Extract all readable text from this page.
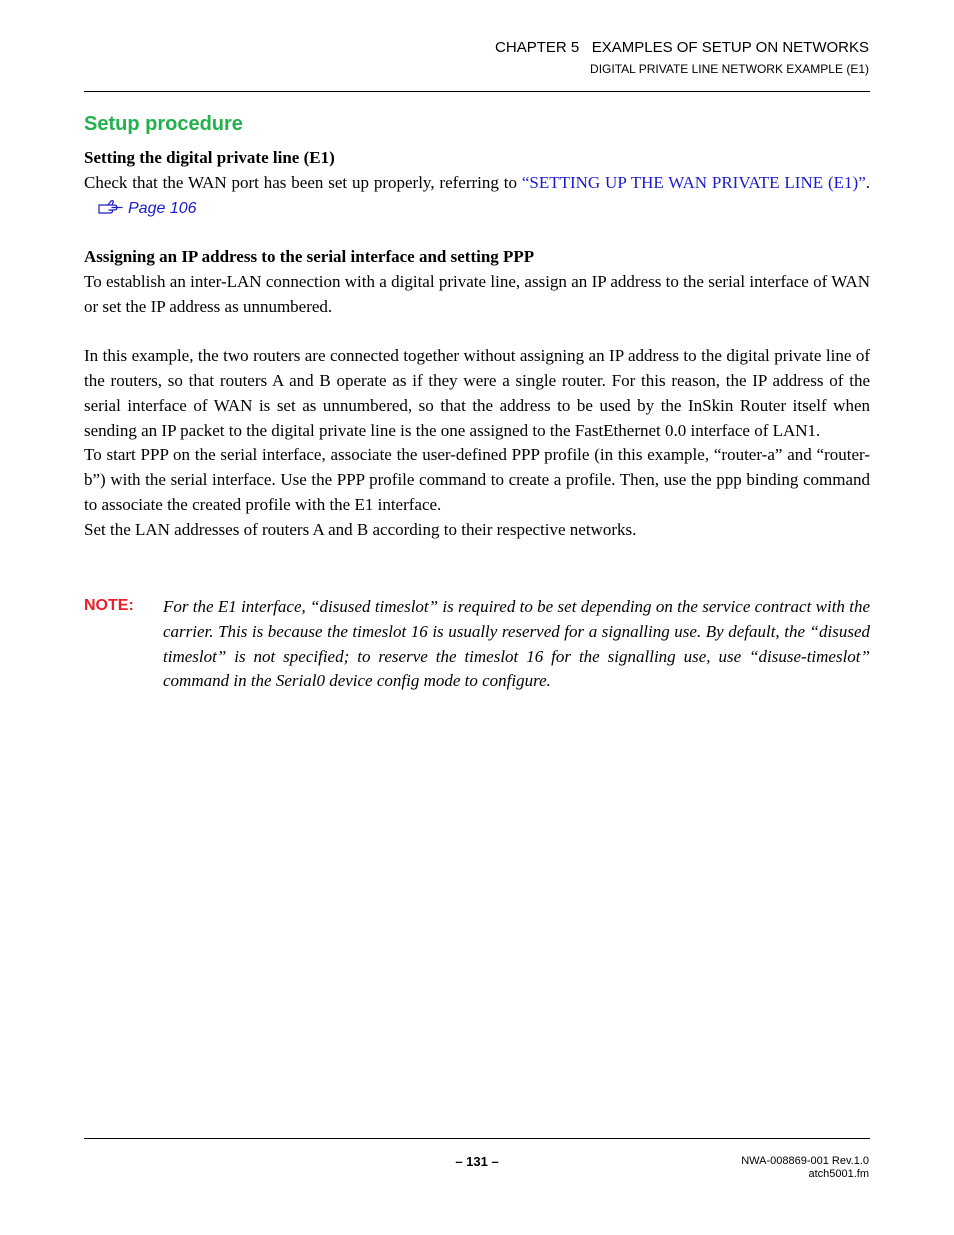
CHAPTER 5   EXAMPLES OF SETUP ON NETWORKS
DIGITAL PRIVATE LINE NETWORK EXAMPLE (E1)
Setup procedure

Setting the digital private line (E1)

Check that the WAN port has been set up properly, referring to “SETTING UP THE WAN PRIVATE LINE (E1)”.Page 106

Assigning an IP address to the serial interface and setting PPP

To establish an inter-LAN connection with a digital private line, assign an IP address to the serial interface of WAN or set the IP address as unnumbered.

In this example, the two routers are connected together without assigning an IP address to the digital private line of the routers, so that routers A and B operate as if they were a single router. For this reason, the IP address of the serial interface of WAN is set as unnumbered, so that the address to be used by the InSkin Router itself when sending an IP packet to the digital private line is the one assigned to the FastEthernet 0.0 interface of LAN1.

To start PPP on the serial interface, associate the user-defined PPP profile (in this example, “router-a” and “router-b”) with the serial interface. Use the PPP profile command to create a profile. Then, use the ppp binding command to associate the created profile with the E1 interface.

Set the LAN addresses of routers A and B according to their respective networks.

NOTE: For the E1 interface, “disused timeslot” is required to be set depending on the service contract with the carrier. This is because the timeslot 16 is usually reserved for a signalling use. By default, the “disused timeslot” is not specified; to reserve the timeslot 16 for the signalling use, use “disuse-timeslot” command in the Serial0 device config mode to configure.

– 131 –	NWA-008869-001 Rev.1.0
atch5001.fm
